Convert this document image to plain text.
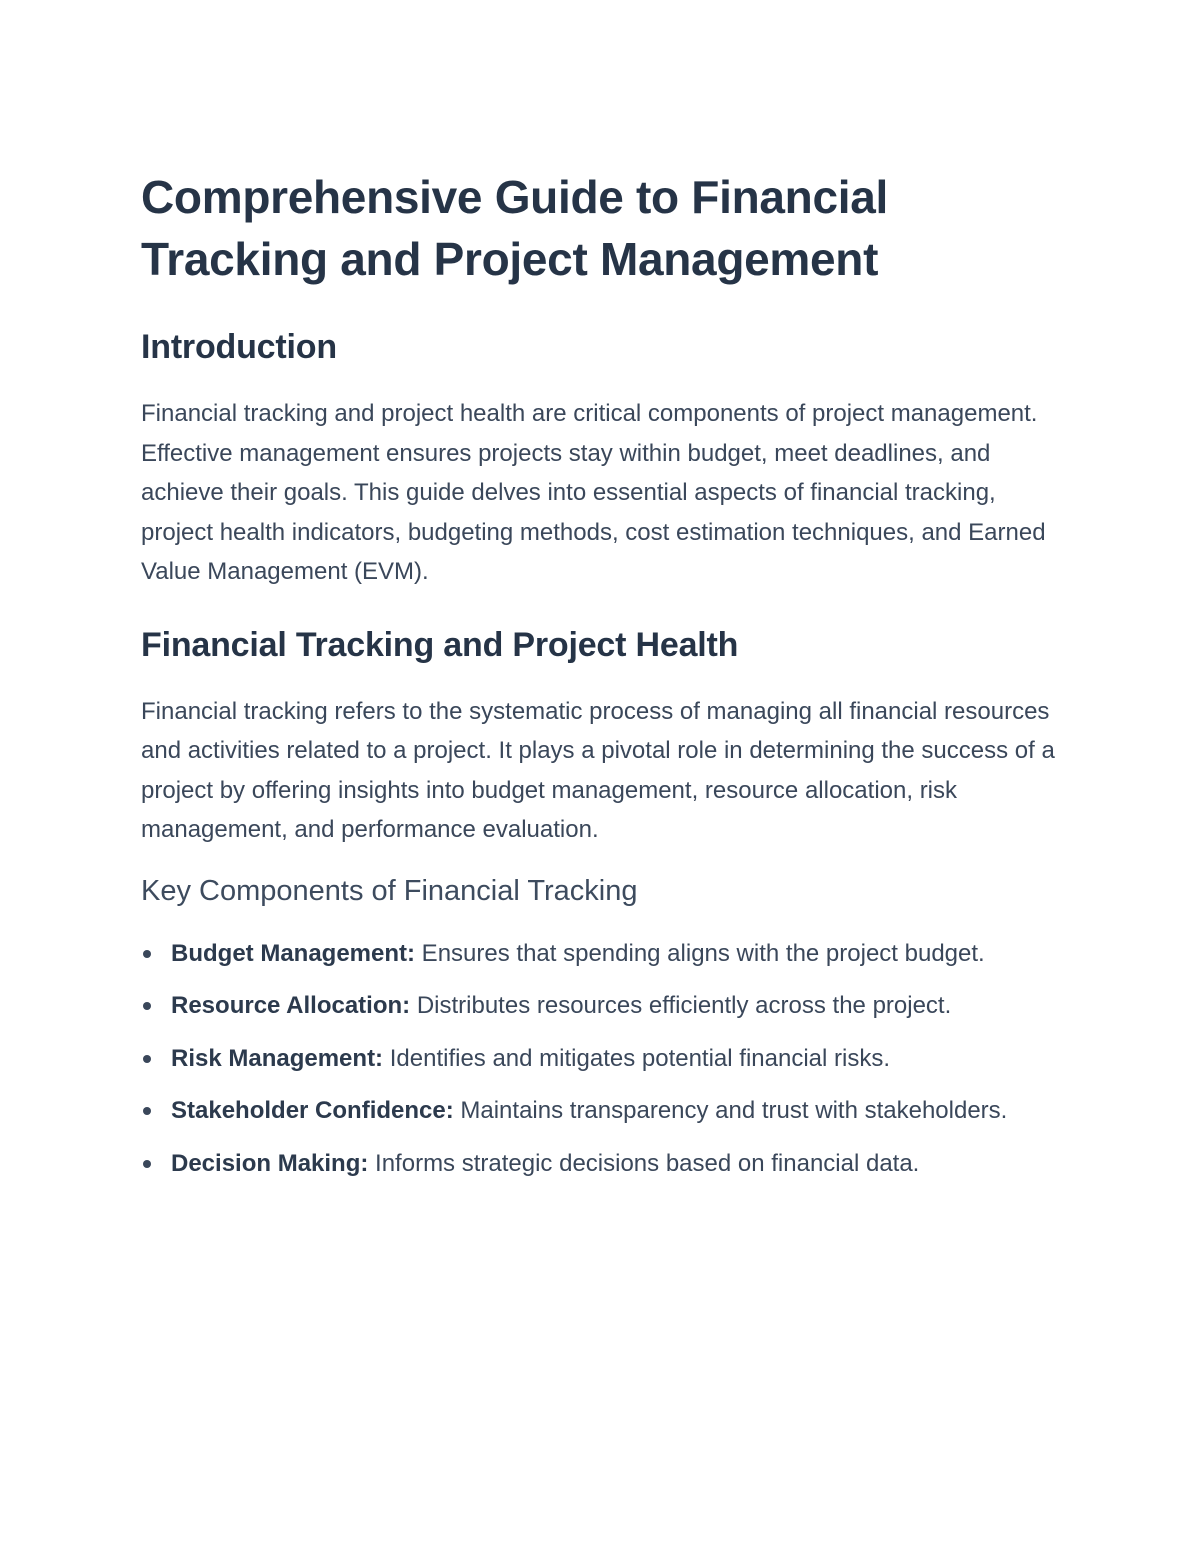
Comprehensive Guide to Financial Tracking and Project Management
Introduction

Financial tracking and project health are critical components of project management. Effective management ensures projects stay within budget, meet deadlines, and achieve their goals. This guide delves into essential aspects of financial tracking, project health indicators, budgeting methods, cost estimation techniques, and Earned Value Management (EVM).

Financial Tracking and Project Health

Financial tracking refers to the systematic process of managing all financial resources and activities related to a project. It plays a pivotal role in determining the success of a project by offering insights into budget management, resource allocation, risk management, and performance evaluation.

Key Components of Financial Tracking
Budget Management: Ensures that spending aligns with the project budget.
Resource Allocation: Distributes resources efficiently across the project.
Risk Management: Identifies and mitigates potential financial risks.
Stakeholder Confidence: Maintains transparency and trust with stakeholders.
Decision Making: Informs strategic decisions based on financial data.
